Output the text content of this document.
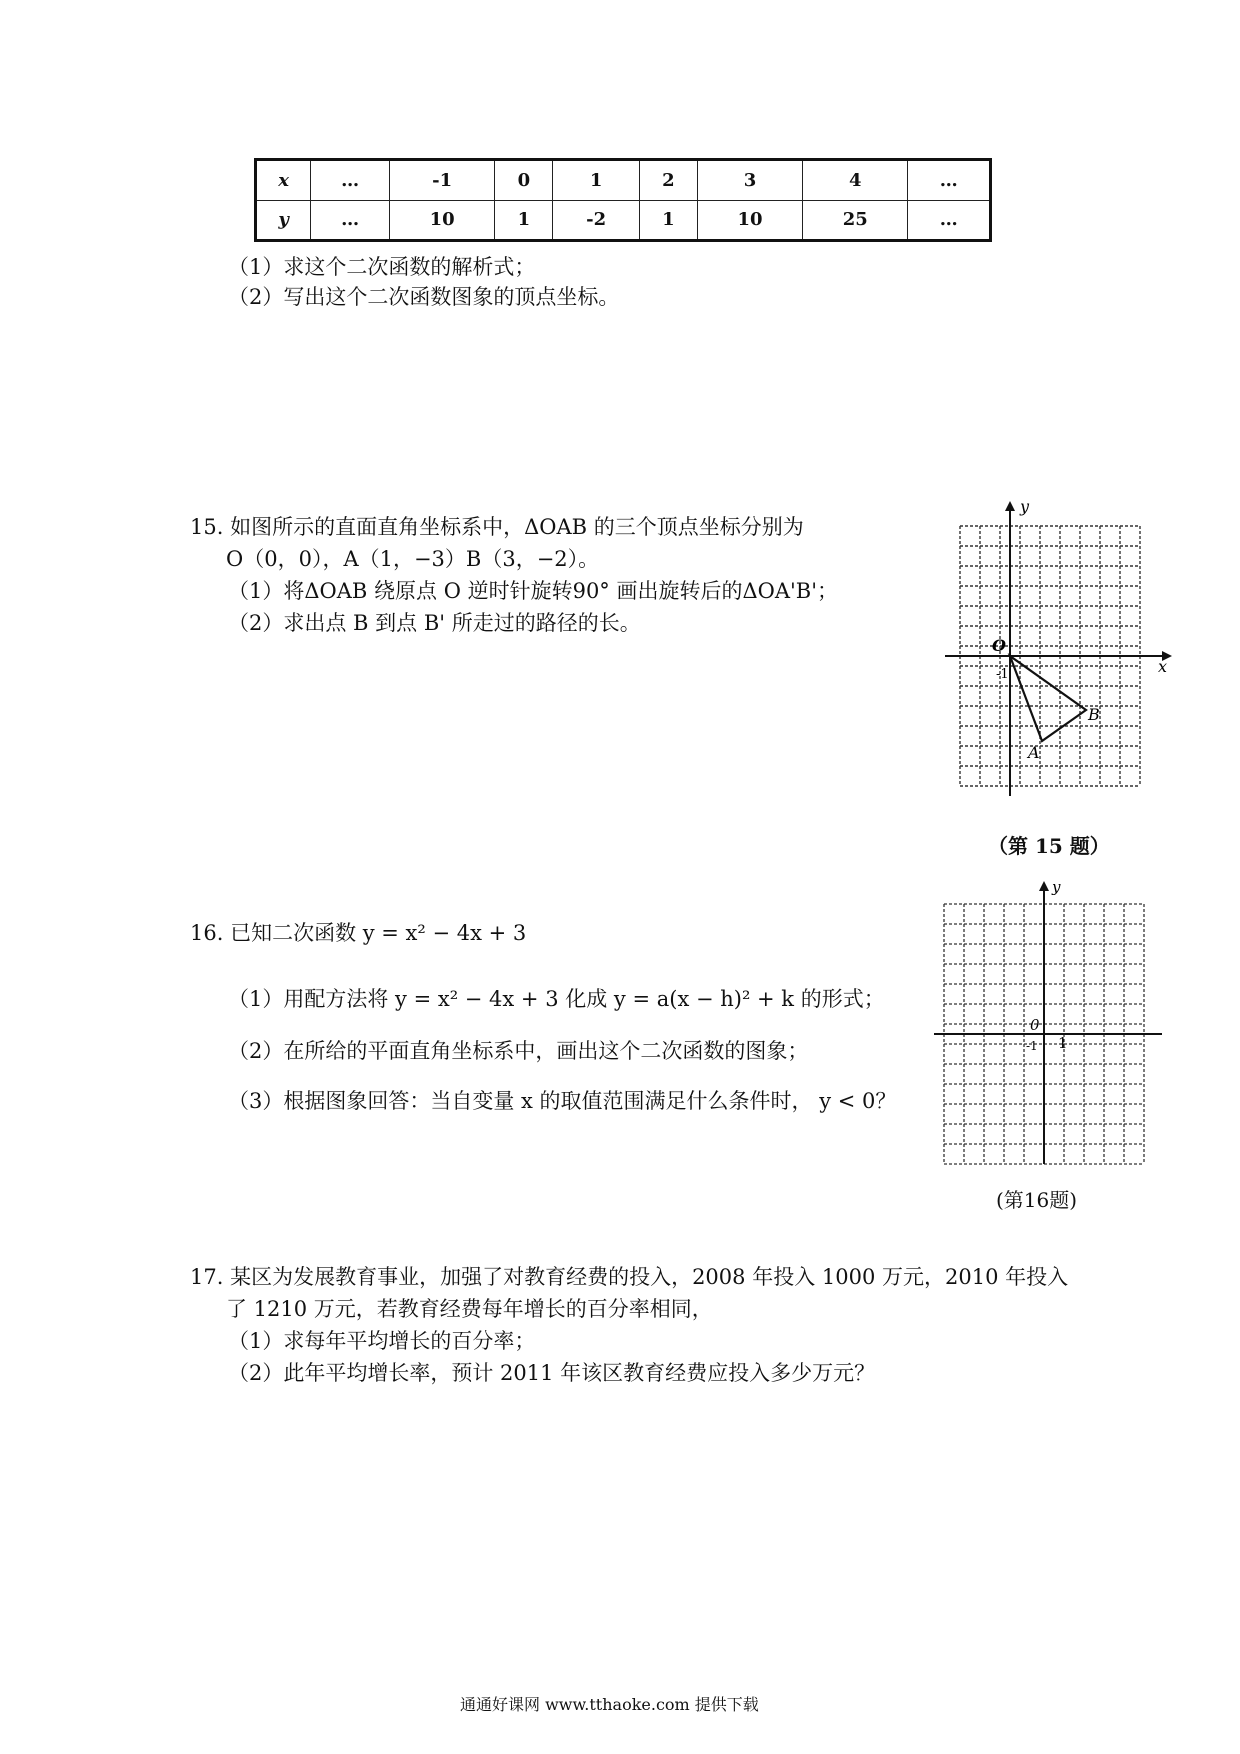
x	…	-1	0	1	2	3	4	…
y	…	10	1	-2	1	10	25	…
（1）求这个二次函数的解析式；
（2）写出这个二次函数图象的顶点坐标。
15. 如图所示的直面直角坐标系中，ΔOAB 的三个顶点坐标分别为
O（0，0），A（1，−3）B（3，−2）。
（1）将ΔOAB 绕原点 O 逆时针旋转90° 画出旋转后的ΔOA'B'；
（2）求出点 B 到点 B' 所走过的路径的长。
y
x
O
-1
A
B
（第 15 题）
16. 已知二次函数 y = x² − 4x + 3
（1）用配方法将 y = x² − 4x + 3 化成 y = a(x − h)² + k 的形式；
（2）在所给的平面直角坐标系中，画出这个二次函数的图象；
（3）根据图象回答：当自变量 x 的取值范围满足什么条件时， y < 0？
y
0
1
-1
(第16题)
17. 某区为发展教育事业，加强了对教育经费的投入，2008 年投入 1000 万元，2010 年投入
了 1210 万元，若教育经费每年增长的百分率相同，
（1）求每年平均增长的百分率；
（2）此年平均增长率，预计 2011 年该区教育经费应投入多少万元？
通通好课网 www.tthaoke.com 提供下载
